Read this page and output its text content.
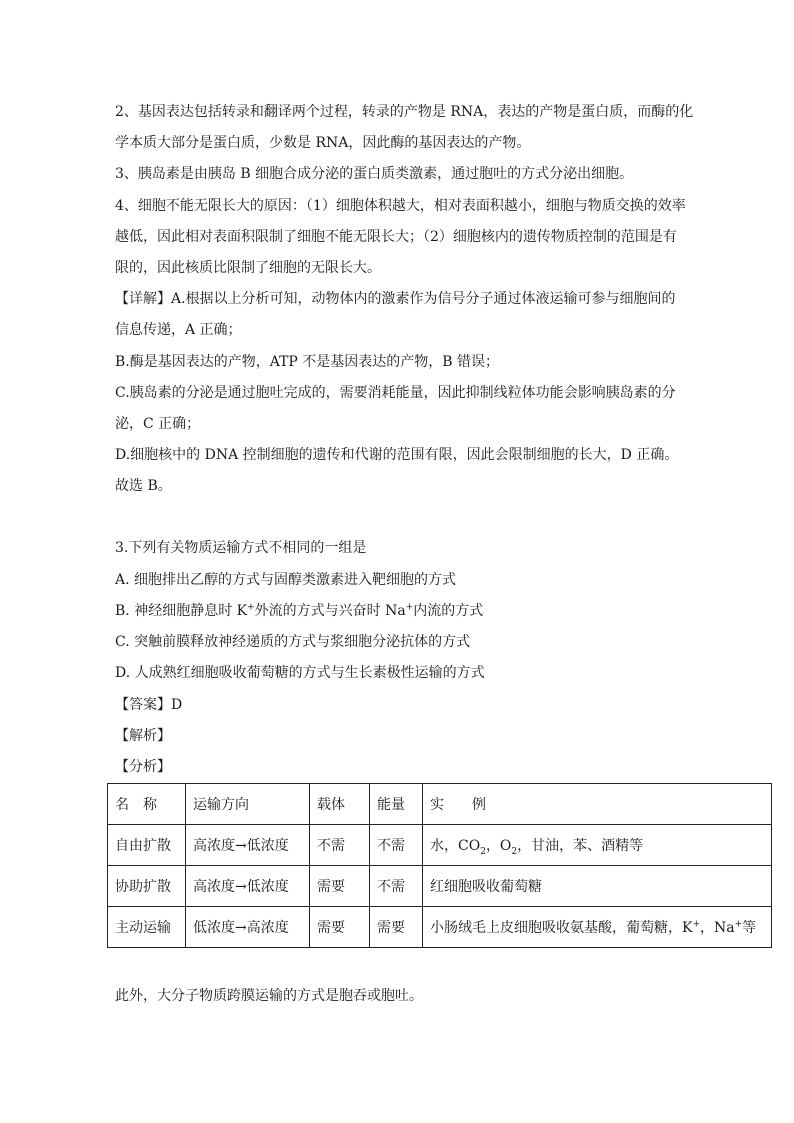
2、基因表达包括转录和翻译两个过程，转录的产物是 RNA，表达的产物是蛋白质，而酶的化
学本质大部分是蛋白质，少数是 RNA，因此酶的基因表达的产物。
3、胰岛素是由胰岛 B 细胞合成分泌的蛋白质类激素，通过胞吐的方式分泌出细胞。
4、细胞不能无限长大的原因：（1）细胞体积越大，相对表面积越小，细胞与物质交换的效率
越低，因此相对表面积限制了细胞不能无限长大；（2）细胞核内的遗传物质控制的范围是有
限的，因此核质比限制了细胞的无限长大。
【详解】A.根据以上分析可知，动物体内的激素作为信号分子通过体液运输可参与细胞间的
信息传递，A 正确；
B.酶是基因表达的产物，ATP 不是基因表达的产物，B 错误；
C.胰岛素的分泌是通过胞吐完成的，需要消耗能量，因此抑制线粒体功能会影响胰岛素的分
泌，C 正确；
D.细胞核中的 DNA 控制细胞的遗传和代谢的范围有限，因此会限制细胞的长大，D 正确。
故选 B。
3.下列有关物质运输方式不相同的一组是
A. 细胞排出乙醇的方式与固醇类激素进入靶细胞的方式
B. 神经细胞静息时 K+外流的方式与兴奋时 Na+内流的方式
C. 突触前膜释放神经递质的方式与浆细胞分泌抗体的方式
D. 人成熟红细胞吸收葡萄糖的方式与生长素极性运输的方式
【答案】D
【解析】
【分析】
名　称	运输方向	载体	能量	实　　例
自由扩散	高浓度→低浓度	不需	不需	水，$CO_2$，$O_2$，甘油，苯、酒精等
协助扩散	高浓度→低浓度	需要	不需	红细胞吸收葡萄糖
主动运输	低浓度→高浓度	需要	需要	小肠绒毛上皮细胞吸收氨基酸，葡萄糖，K+，Na+等
此外，大分子物质跨膜运输的方式是胞吞或胞吐。
